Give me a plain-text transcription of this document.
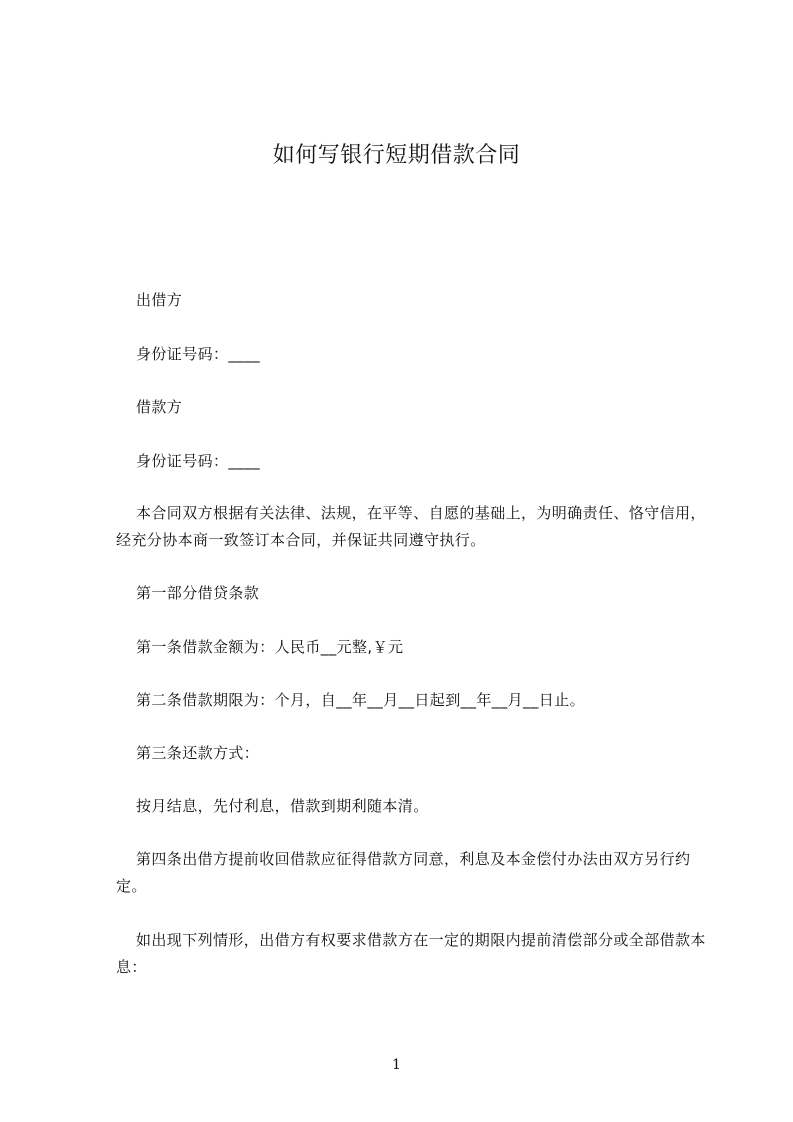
如何写银行短期借款合同
出借方
身份证号码：____
借款方
身份证号码：____
本合同双方根据有关法律、法规，在平等、自愿的基础上，为明确责任、恪守信用，经充分协本商一致签订本合同，并保证共同遵守执行。
第一部分借贷条款
第一条借款金额为：人民币__元整,￥元
第二条借款期限为：个月，自__年__月__日起到__年__月__日止。
第三条还款方式：
按月结息，先付利息，借款到期利随本清。
第四条出借方提前收回借款应征得借款方同意，利息及本金偿付办法由双方另行约定。
如出现下列情形，出借方有权要求借款方在一定的期限内提前清偿部分或全部借款本息：
1
